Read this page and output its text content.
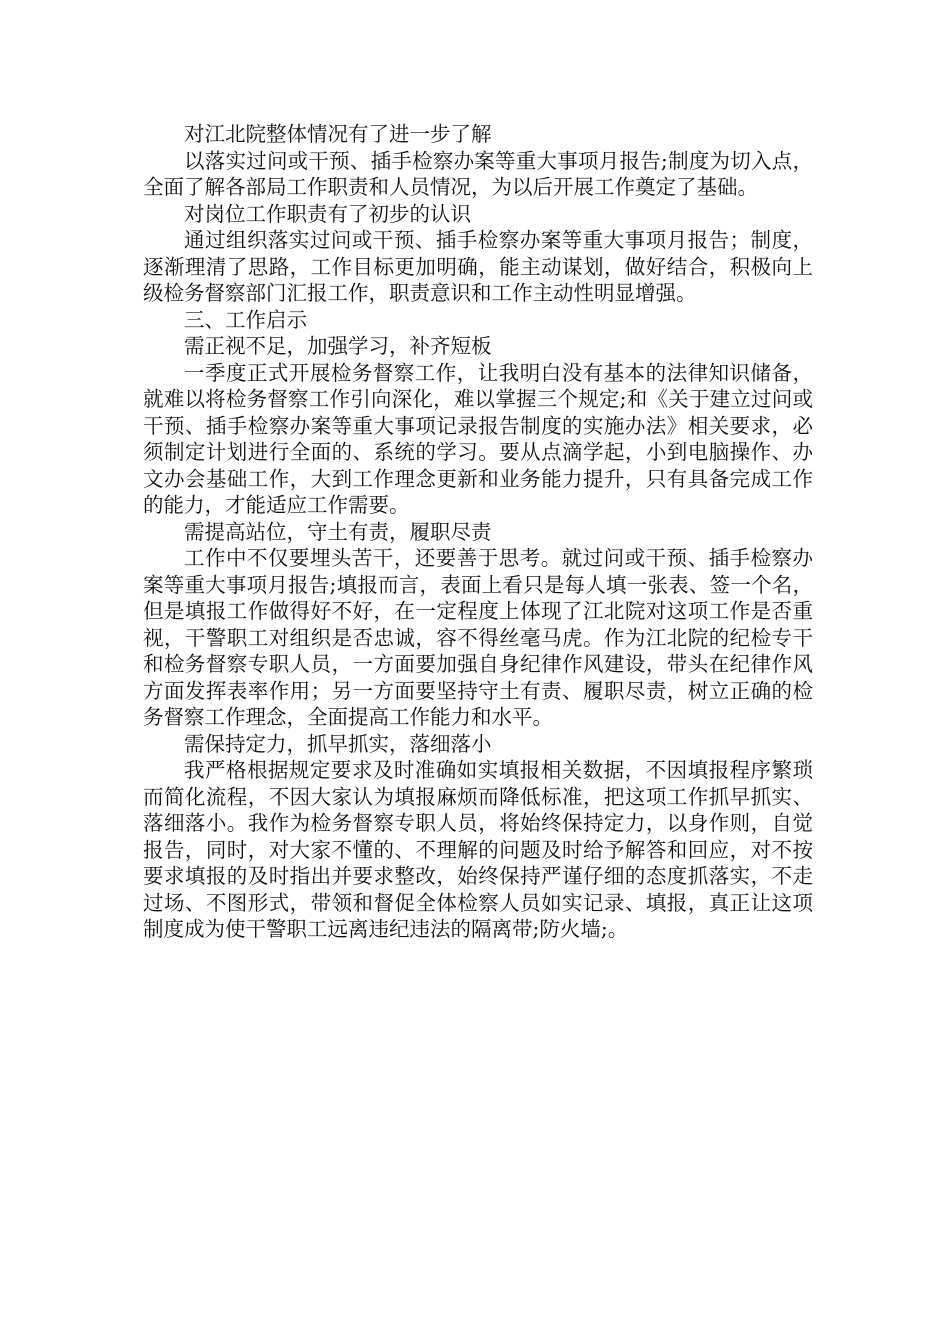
对江北院整体情况有了进一步了解

以落实过问或干预、插手检察办案等重大事项月报告;制度为切入点，全面了解各部局工作职责和人员情况，为以后开展工作奠定了基础。

对岗位工作职责有了初步的认识

通过组织落实过问或干预、插手检察办案等重大事项月报告；制度，逐渐理清了思路，工作目标更加明确，能主动谋划，做好结合，积极向上级检务督察部门汇报工作，职责意识和工作主动性明显增强。

三、工作启示

需正视不足，加强学习，补齐短板

一季度正式开展检务督察工作，让我明白没有基本的法律知识储备，就难以将检务督察工作引向深化，难以掌握三个规定;和《关于建立过问或干预、插手检察办案等重大事项记录报告制度的实施办法》相关要求，必须制定计划进行全面的、系统的学习。要从点滴学起，小到电脑操作、办文办会基础工作，大到工作理念更新和业务能力提升，只有具备完成工作的能力，才能适应工作需要。

需提高站位，守土有责，履职尽责

工作中不仅要埋头苦干，还要善于思考。就过问或干预、插手检察办案等重大事项月报告;填报而言，表面上看只是每人填一张表、签一个名，但是填报工作做得好不好，在一定程度上体现了江北院对这项工作是否重视，干警职工对组织是否忠诚，容不得丝毫马虎。作为江北院的纪检专干和检务督察专职人员，一方面要加强自身纪律作风建设，带头在纪律作风方面发挥表率作用；另一方面要坚持守土有责、履职尽责，树立正确的检务督察工作理念，全面提高工作能力和水平。

需保持定力，抓早抓实，落细落小

我严格根据规定要求及时准确如实填报相关数据，不因填报程序繁琐而简化流程，不因大家认为填报麻烦而降低标准，把这项工作抓早抓实、落细落小。我作为检务督察专职人员，将始终保持定力，以身作则，自觉报告，同时，对大家不懂的、不理解的问题及时给予解答和回应，对不按要求填报的及时指出并要求整改，始终保持严谨仔细的态度抓落实，不走过场、不图形式，带领和督促全体检察人员如实记录、填报，真正让这项制度成为使干警职工远离违纪违法的隔离带;防火墙;。
